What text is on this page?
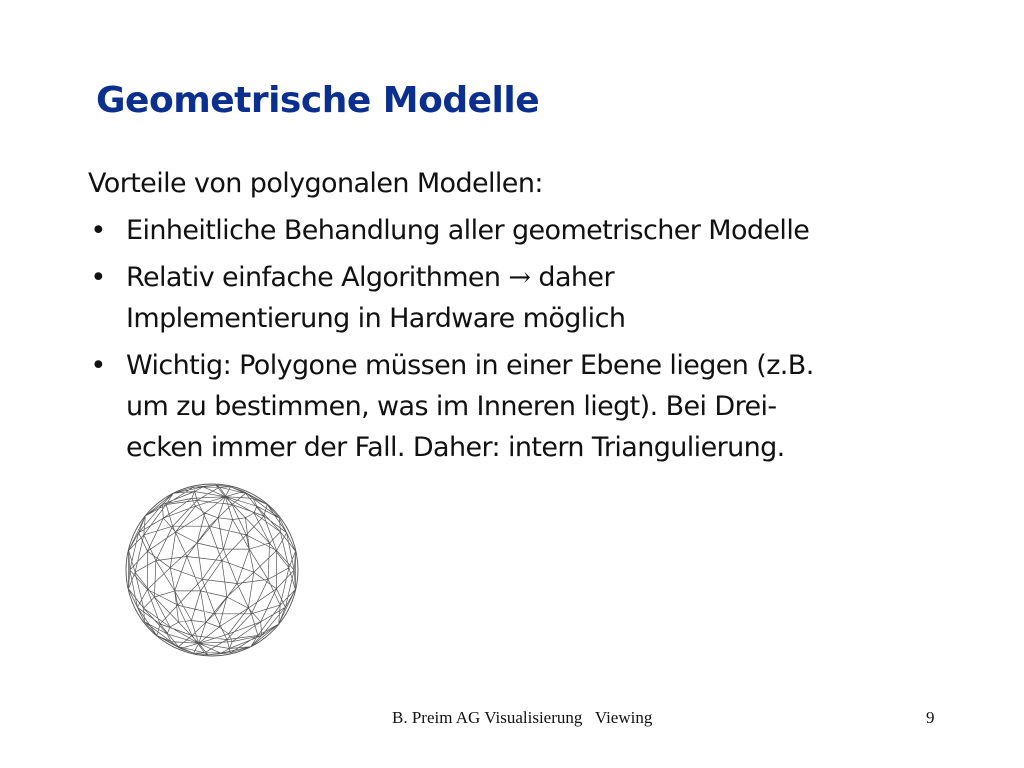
Geometrische Modelle
Vorteile von polygonalen Modellen:
• Einheitliche Behandlung aller geometrischer Modelle
• Relativ einfache Algorithmen → daher
Implementierung in Hardware möglich
• Wichtig: Polygone müssen in einer Ebene liegen (z.B.
um zu bestimmen, was im Inneren liegt). Bei Drei-
ecken immer der Fall. Daher: intern Triangulierung.
B. Preim AG Visualisierung   Viewing	9
